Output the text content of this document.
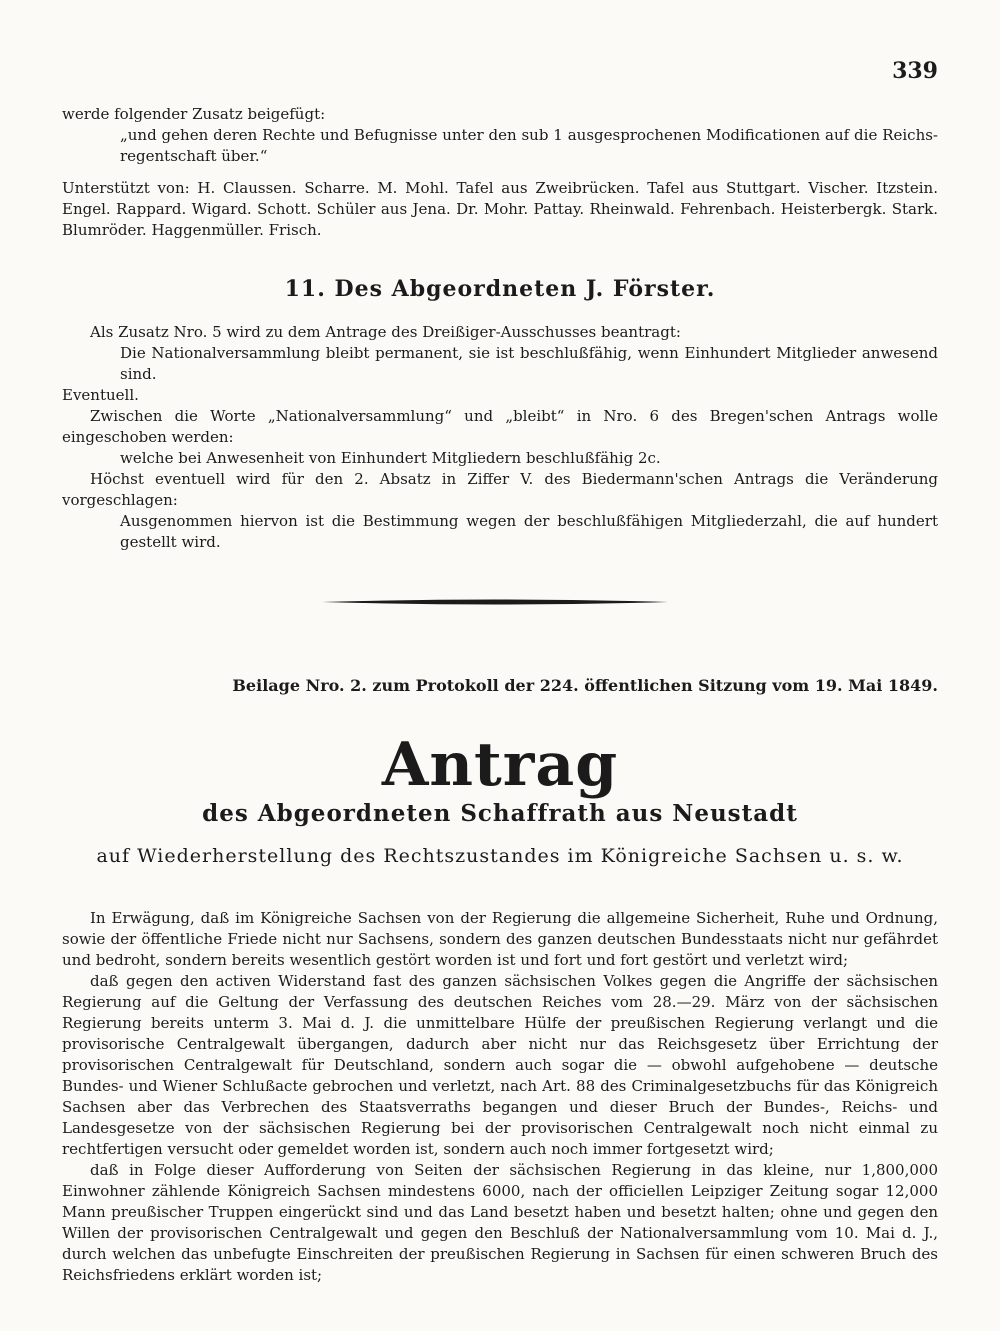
339
werde folgender Zusatz beigefügt:
„und gehen deren Rechte und Befugnisse unter den sub 1 ausgesprochenen Modificationen auf die Reichs-regentschaft über.“
Unterstützt von: H. Claussen. Scharre. M. Mohl. Tafel aus Zweibrücken. Tafel aus Stuttgart. Vischer. Itzstein. Engel. Rappard. Wigard. Schott. Schüler aus Jena. Dr. Mohr. Pattay. Rheinwald. Fehrenbach. Heisterbergk. Stark. Blumröder. Haggenmüller. Frisch.
11. Des Abgeordneten J. Förster.
Als Zusatz Nro. 5 wird zu dem Antrage des Dreißiger-Ausschusses beantragt:
Die Nationalversammlung bleibt permanent, sie ist beschlußfähig, wenn Einhundert Mitglieder anwesend sind.
Eventuell.
Zwischen die Worte „Nationalversammlung“ und „bleibt“ in Nro. 6 des Bregen'schen Antrags wolle eingeschoben werden:
welche bei Anwesenheit von Einhundert Mitgliedern beschlußfähig 2c.
Höchst eventuell wird für den 2. Absatz in Ziffer V. des Biedermann'schen Antrags die Veränderung vorgeschlagen:
Ausgenommen hiervon ist die Bestimmung wegen der beschlußfähigen Mitgliederzahl, die auf hundert gestellt wird.
Beilage Nro. 2. zum Protokoll der 224. öffentlichen Sitzung vom 19. Mai 1849.
Antrag
des Abgeordneten Schaffrath aus Neustadt
auf Wiederherstellung des Rechtszustandes im Königreiche Sachsen u. s. w.
In Erwägung, daß im Königreiche Sachsen von der Regierung die allgemeine Sicherheit, Ruhe und Ordnung, sowie der öffentliche Friede nicht nur Sachsens, sondern des ganzen deutschen Bundesstaats nicht nur gefährdet und bedroht, sondern bereits wesentlich gestört worden ist und fort und fort gestört und verletzt wird;
daß gegen den activen Widerstand fast des ganzen sächsischen Volkes gegen die Angriffe der sächsischen Regierung auf die Geltung der Verfassung des deutschen Reiches vom 28.—29. März von der sächsischen Regierung bereits unterm 3. Mai d. J. die unmittelbare Hülfe der preußischen Regierung verlangt und die provisorische Centralgewalt übergangen, dadurch aber nicht nur das Reichsgesetz über Errichtung der provisorischen Centralgewalt für Deutschland, sondern auch sogar die — obwohl aufgehobene — deutsche Bundes- und Wiener Schlußacte gebrochen und verletzt, nach Art. 88 des Criminalgesetzbuchs für das Königreich Sachsen aber das Verbrechen des Staatsverraths begangen und dieser Bruch der Bundes-, Reichs- und Landesgesetze von der sächsischen Regierung bei der provisorischen Centralgewalt noch nicht einmal zu rechtfertigen versucht oder gemeldet worden ist, sondern auch noch immer fortgesetzt wird;
daß in Folge dieser Aufforderung von Seiten der sächsischen Regierung in das kleine, nur 1,800,000 Einwohner zählende Königreich Sachsen mindestens 6000, nach der officiellen Leipziger Zeitung sogar 12,000 Mann preußischer Truppen eingerückt sind und das Land besetzt haben und besetzt halten; ohne und gegen den Willen der provisorischen Centralgewalt und gegen den Beschluß der Nationalversammlung vom 10. Mai d. J., durch welchen das unbefugte Einschreiten der preußischen Regierung in Sachsen für einen schweren Bruch des Reichsfriedens erklärt worden ist;
